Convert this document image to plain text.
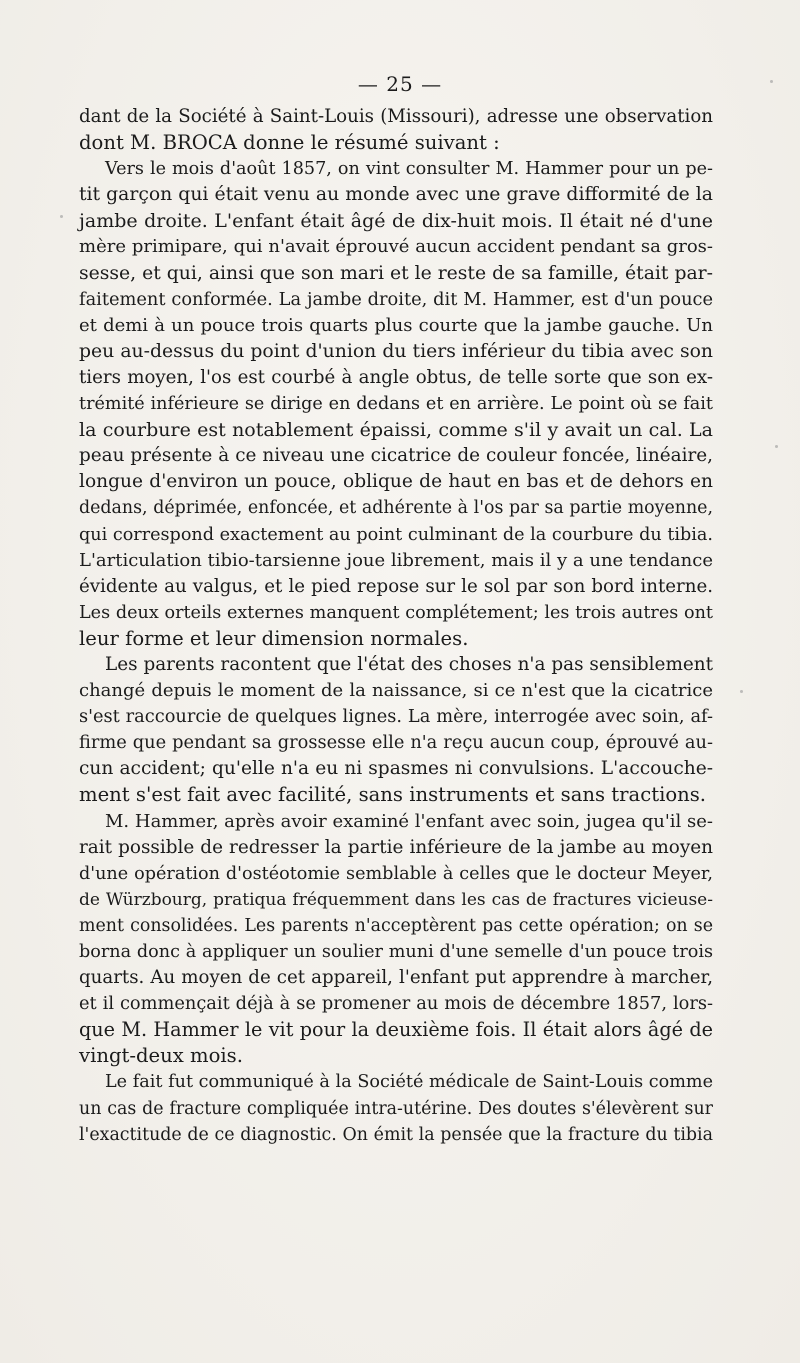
— 25 —
dant de la Société à Saint-Louis (Missouri), adresse une observation
dont M. BROCA donne le résumé suivant :
Vers le mois d'août 1857, on vint consulter M. Hammer pour un pe-
tit garçon qui était venu au monde avec une grave difformité de la
jambe droite. L'enfant était âgé de dix-huit mois. Il était né d'une
mère primipare, qui n'avait éprouvé aucun accident pendant sa gros-
sesse, et qui, ainsi que son mari et le reste de sa famille, était par-
faitement conformée. La jambe droite, dit M. Hammer, est d'un pouce
et demi à un pouce trois quarts plus courte que la jambe gauche. Un
peu au-dessus du point d'union du tiers inférieur du tibia avec son
tiers moyen, l'os est courbé à angle obtus, de telle sorte que son ex-
trémité inférieure se dirige en dedans et en arrière. Le point où se fait
la courbure est notablement épaissi, comme s'il y avait un cal. La
peau présente à ce niveau une cicatrice de couleur foncée, linéaire,
longue d'environ un pouce, oblique de haut en bas et de dehors en
dedans, déprimée, enfoncée, et adhérente à l'os par sa partie moyenne,
qui correspond exactement au point culminant de la courbure du tibia.
L'articulation tibio-tarsienne joue librement, mais il y a une tendance
évidente au valgus, et le pied repose sur le sol par son bord interne.
Les deux orteils externes manquent complétement; les trois autres ont
leur forme et leur dimension normales.
Les parents racontent que l'état des choses n'a pas sensiblement
changé depuis le moment de la naissance, si ce n'est que la cicatrice
s'est raccourcie de quelques lignes. La mère, interrogée avec soin, af-
firme que pendant sa grossesse elle n'a reçu aucun coup, éprouvé au-
cun accident; qu'elle n'a eu ni spasmes ni convulsions. L'accouche-
ment s'est fait avec facilité, sans instruments et sans tractions.
M. Hammer, après avoir examiné l'enfant avec soin, jugea qu'il se-
rait possible de redresser la partie inférieure de la jambe au moyen
d'une opération d'ostéotomie semblable à celles que le docteur Meyer,
de Würzbourg, pratiqua fréquemment dans les cas de fractures vicieuse-
ment consolidées. Les parents n'acceptèrent pas cette opération; on se
borna donc à appliquer un soulier muni d'une semelle d'un pouce trois
quarts. Au moyen de cet appareil, l'enfant put apprendre à marcher,
et il commençait déjà à se promener au mois de décembre 1857, lors-
que M. Hammer le vit pour la deuxième fois. Il était alors âgé de
vingt-deux mois.
Le fait fut communiqué à la Société médicale de Saint-Louis comme
un cas de fracture compliquée intra-utérine. Des doutes s'élevèrent sur
l'exactitude de ce diagnostic. On émit la pensée que la fracture du tibia
